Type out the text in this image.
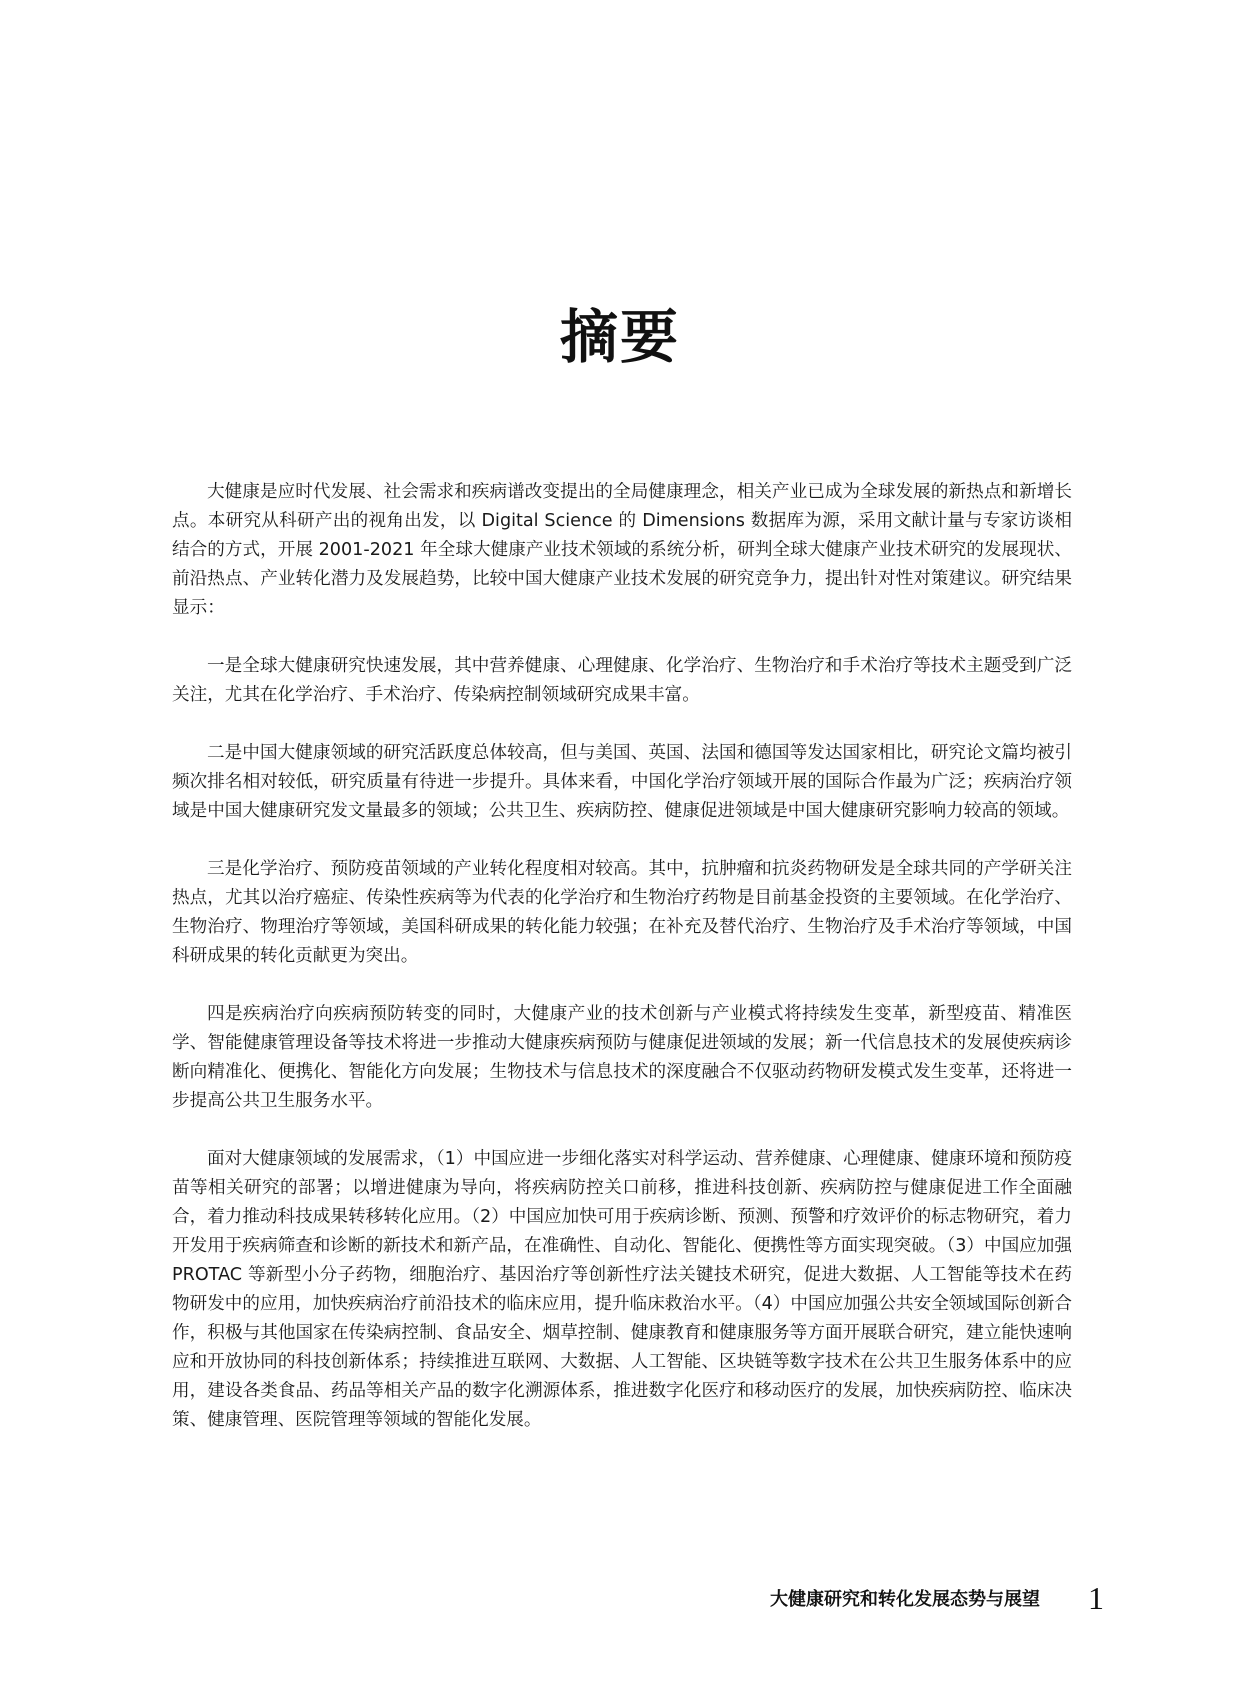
摘要

大健康是应时代发展、社会需求和疾病谱改变提出的全局健康理念，相关产业已成为全球发展的新热点和新增长点。本研究从科研产出的视角出发，以 Digital Science 的 Dimensions 数据库为源，采用文献计量与专家访谈相结合的方式，开展 2001-2021 年全球大健康产业技术领域的系统分析，研判全球大健康产业技术研究的发展现状、前沿热点、产业转化潜力及发展趋势，比较中国大健康产业技术发展的研究竞争力，提出针对性对策建议。研究结果显示：

一是全球大健康研究快速发展，其中营养健康、心理健康、化学治疗、生物治疗和手术治疗等技术主题受到广泛关注，尤其在化学治疗、手术治疗、传染病控制领域研究成果丰富。

二是中国大健康领域的研究活跃度总体较高，但与美国、英国、法国和德国等发达国家相比，研究论文篇均被引频次排名相对较低，研究质量有待进一步提升。具体来看，中国化学治疗领域开展的国际合作最为广泛；疾病治疗领域是中国大健康研究发文量最多的领域；公共卫生、疾病防控、健康促进领域是中国大健康研究影响力较高的领域。

三是化学治疗、预防疫苗领域的产业转化程度相对较高。其中，抗肿瘤和抗炎药物研发是全球共同的产学研关注热点，尤其以治疗癌症、传染性疾病等为代表的化学治疗和生物治疗药物是目前基金投资的主要领域。在化学治疗、生物治疗、物理治疗等领域，美国科研成果的转化能力较强；在补充及替代治疗、生物治疗及手术治疗等领域，中国科研成果的转化贡献更为突出。

四是疾病治疗向疾病预防转变的同时，大健康产业的技术创新与产业模式将持续发生变革，新型疫苗、精准医学、智能健康管理设备等技术将进一步推动大健康疾病预防与健康促进领域的发展；新一代信息技术的发展使疾病诊断向精准化、便携化、智能化方向发展；生物技术与信息技术的深度融合不仅驱动药物研发模式发生变革，还将进一步提高公共卫生服务水平。

面对大健康领域的发展需求，（1）中国应进一步细化落实对科学运动、营养健康、心理健康、健康环境和预防疫苗等相关研究的部署；以增进健康为导向，将疾病防控关口前移，推进科技创新、疾病防控与健康促进工作全面融合，着力推动科技成果转移转化应用。（2）中国应加快可用于疾病诊断、预测、预警和疗效评价的标志物研究，着力开发用于疾病筛查和诊断的新技术和新产品，在准确性、自动化、智能化、便携性等方面实现突破。（3）中国应加强 PROTAC 等新型小分子药物，细胞治疗、基因治疗等创新性疗法关键技术研究，促进大数据、人工智能等技术在药物研发中的应用，加快疾病治疗前沿技术的临床应用，提升临床救治水平。（4）中国应加强公共安全领域国际创新合作，积极与其他国家在传染病控制、食品安全、烟草控制、健康教育和健康服务等方面开展联合研究，建立能快速响应和开放协同的科技创新体系；持续推进互联网、大数据、人工智能、区块链等数字技术在公共卫生服务体系中的应用，建设各类食品、药品等相关产品的数字化溯源体系，推进数字化医疗和移动医疗的发展，加快疾病防控、临床决策、健康管理、医院管理等领域的智能化发展。

大健康研究和转化发展态势与展望 1
